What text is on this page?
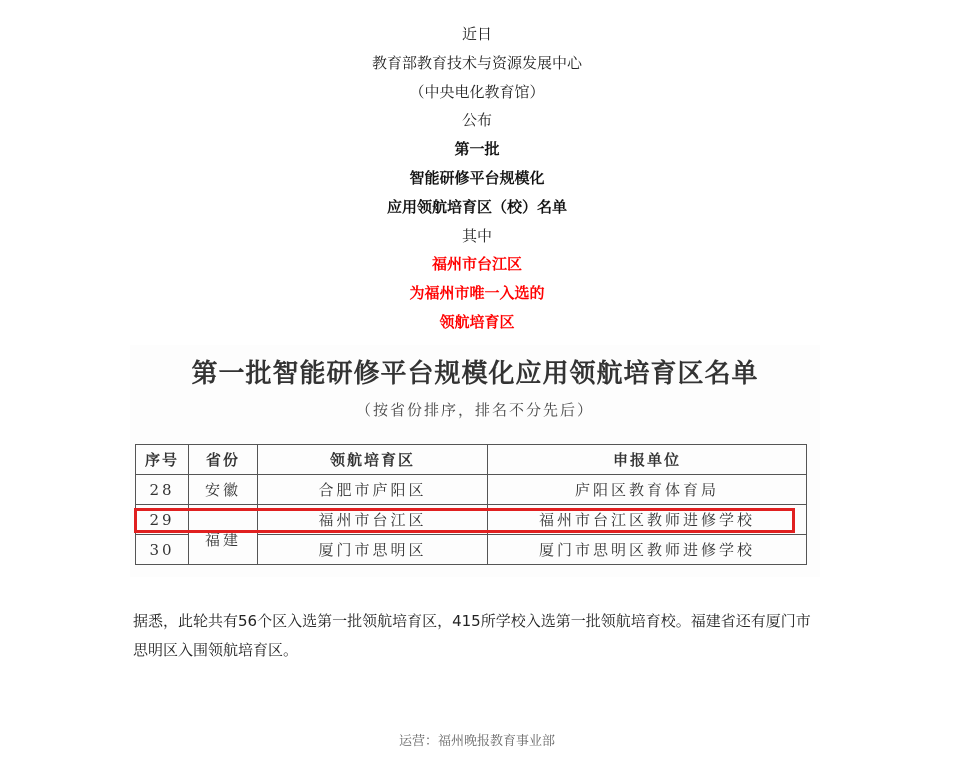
近日
教育部教育技术与资源发展中心
（中央电化教育馆）
公布
第一批
智能研修平台规模化
应用领航培育区（校）名单
其中
福州市台江区
为福州市唯一入选的
领航培育区
第一批智能研修平台规模化应用领航培育区名单
（按省份排序，排名不分先后）
序号	省份	领航培育区	申报单位
28	安徽	合肥市庐阳区	庐阳区教育体育局
29	福建	福州市台江区	福州市台江区教师进修学校
30		厦门市思明区	厦门市思明区教师进修学校
据悉，此轮共有56个区入选第一批领航培育区，415所学校入选第一批领航培育校。福建省还有厦门市思明区入围领航培育区。
运营：福州晚报教育事业部
